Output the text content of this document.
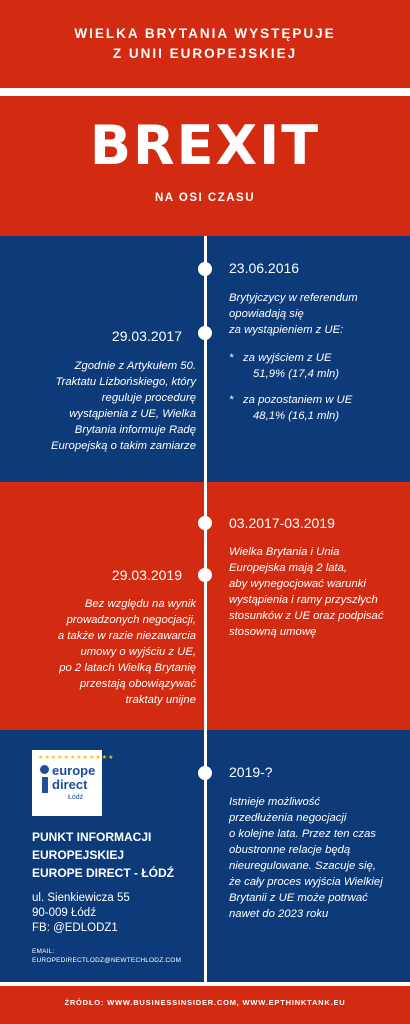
WIELKA BRYTANIA WYSTĘPUJE
Z UNII EUROPEJSKIEJ
BREXIT
NA OSI CZASU
23.06.2016
Brytyjczycy w referendum
opowiadają się
za wystąpieniem z UE:
* za wyjściem z UE
51,9% (17,4 mln)
* za pozostaniem w UE
48,1% (16,1 mln)
29.03.2017
Zgodnie z Artykułem 50.
Traktatu Lizbońskiego, który
reguluje procedurę
wystąpienia z UE, Wielka
Brytania informuje Radę
Europejską o takim zamiarze
03.2017-03.2019
Wielka Brytania i Unia
Europejska mają 2 lata,
aby wynegocjować warunki
wystąpienia i ramy przyszłych
stosunków z UE oraz podpisać
stosowną umowę
29.03.2019
Bez względu na wynik
prowadzonych negocjacji,
a także w razie niezawarcia
umowy o wyjściu z UE,
po 2 latach Wielką Brytanię
przestają obowiązywać
traktaty unijne
2019-?
Istnieje możliwość
przedłużenia negocjacji
o kolejne lata. Przez ten czas
obustronne relacje będą
nieuregulowane. Szacuje się,
że cały proces wyjścia Wielkiej
Brytanii z UE może potrwać
nawet do 2023 roku
★★★★★★★★★★★★
europe
direct
Łódź
PUNKT INFORMACJI
EUROPEJSKIEJ
EUROPE DIRECT - ŁÓDŹ
ul. Sienkiewicza 55
90-009 Łódź
FB: @EDLODZ1
EMAIL:
EUROPEDIRECTLODZ@NEWTECHLODZ.COM
ŹRÓDŁO: WWW.BUSINESSINSIDER.COM, WWW.EPTHINKTANK.EU
